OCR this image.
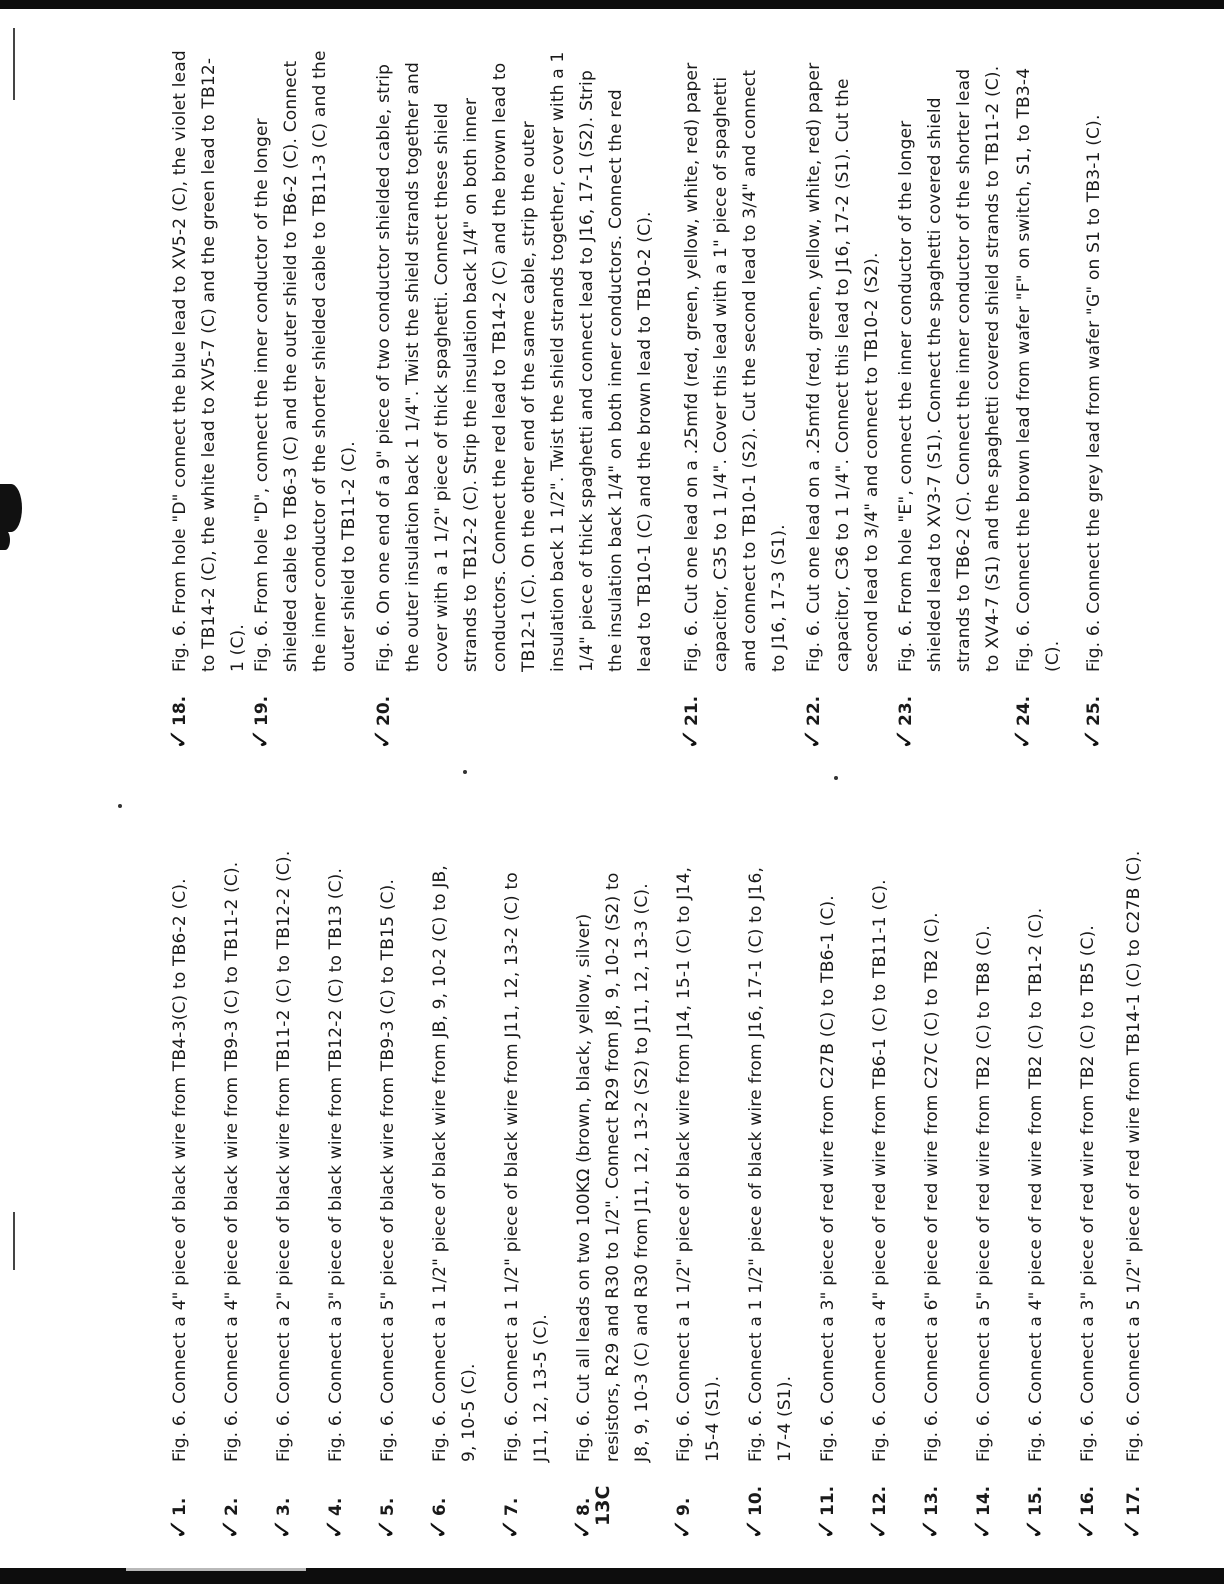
✓
1.
Fig. 6. Connect a 4" piece of black wire from TB4-3(C) to TB6-2 (C).
✓
2.
Fig. 6. Connect a 4" piece of black wire from TB9-3 (C) to TB11-2 (C).
✓
3.
Fig. 6. Connect a 2" piece of black wire from TB11-2 (C) to TB12-2 (C).
✓
4.
Fig. 6. Connect a 3" piece of black wire from TB12-2 (C) to TB13 (C).
✓
5.
Fig. 6. Connect a 5" piece of black wire from TB9-3 (C) to TB15 (C).
✓
6.
Fig. 6. Connect a 1 1/2" piece of black wire from JB, 9, 10-2 (C) to JB, 9, 10-5 (C).
✓
7.
Fig. 6. Connect a 1 1/2" piece of black wire from J11, 12, 13-2 (C) to J11, 12, 13-5 (C).
✓
8.
Fig. 6. Cut all leads on two 100KΩ (brown, black, yellow, silver) resistors, R29 and R30 to 1/2". Connect R29 from J8, 9, 10-2 (S2) to J8, 9, 10-3 (C) and R30 from J11, 12, 13-2 (S2) to J11, 12, 13-3 (C).
✓
9.
Fig. 6. Connect a 1 1/2" piece of black wire from J14, 15-1 (C) to J14, 15-4 (S1).
✓
10.
Fig. 6. Connect a 1 1/2" piece of black wire from J16, 17-1 (C) to J16, 17-4 (S1).
✓
11.
Fig. 6. Connect a 3" piece of red wire from C27B (C) to TB6-1 (C).
✓
12.
Fig. 6. Connect a 4" piece of red wire from TB6-1 (C) to TB11-1 (C).
✓
13.
Fig. 6. Connect a 6" piece of red wire from C27C (C) to TB2 (C).
✓
14.
Fig. 6. Connect a 5" piece of red wire from TB2 (C) to TB8 (C).
✓
15.
Fig. 6. Connect a 4" piece of red wire from TB2 (C) to TB1-2 (C).
✓
16.
Fig. 6. Connect a 3" piece of red wire from TB2 (C) to TB5 (C).
✓
17.
Fig. 6. Connect a 5 1/2" piece of red wire from TB14-1 (C) to C27B (C).
✓
18.
Fig. 6. From hole "D" connect the blue lead to XV5-2 (C), the violet lead to TB14-2 (C), the white lead to XV5-7 (C) and the green lead to TB12-1 (C).
✓
19.
Fig. 6. From hole "D", connect the inner conductor of the longer shielded cable to TB6-3 (C) and the outer shield to TB6-2 (C). Connect the inner conductor of the shorter shielded cable to TB11-3 (C) and the outer shield to TB11-2 (C).
✓
20.
Fig. 6. On one end of a 9" piece of two conductor shielded cable, strip the outer insulation back 1 1/4". Twist the shield strands together and cover with a 1 1/2" piece of thick spaghetti. Connect these shield strands to TB12-2 (C). Strip the insulation back 1/4" on both inner conductors. Connect the red lead to TB14-2 (C) and the brown lead to TB12-1 (C). On the other end of the same cable, strip the outer insulation back 1 1/2". Twist the shield strands together, cover with a 1 1/4" piece of thick spaghetti and connect lead to J16, 17-1 (S2). Strip the insulation back 1/4" on both inner conductors. Connect the red lead to TB10-1 (C) and the brown lead to TB10-2 (C).
✓
21.
Fig. 6. Cut one lead on a .25mfd (red, green, yellow, white, red) paper capacitor, C35 to 1 1/4". Cover this lead with a 1" piece of spaghetti and connect to TB10-1 (S2). Cut the second lead to 3/4" and connect to J16, 17-3 (S1).
✓
22.
Fig. 6. Cut one lead on a .25mfd (red, green, yellow, white, red) paper capacitor, C36 to 1 1/4". Connect this lead to J16, 17-2 (S1). Cut the second lead to 3/4" and connect to TB10-2 (S2).
✓
23.
Fig. 6. From hole "E", connect the inner conductor of the longer shielded lead to XV3-7 (S1). Connect the spaghetti covered shield strands to TB6-2 (C). Connect the inner conductor of the shorter lead to XV4-7 (S1) and the spaghetti covered shield strands to TB11-2 (C).
✓
24.
Fig. 6. Connect the brown lead from wafer "F" on switch, S1, to TB3-4 (C).
✓
25.
Fig. 6. Connect the grey lead from wafer "G" on S1 to TB3-1 (C).
13C
